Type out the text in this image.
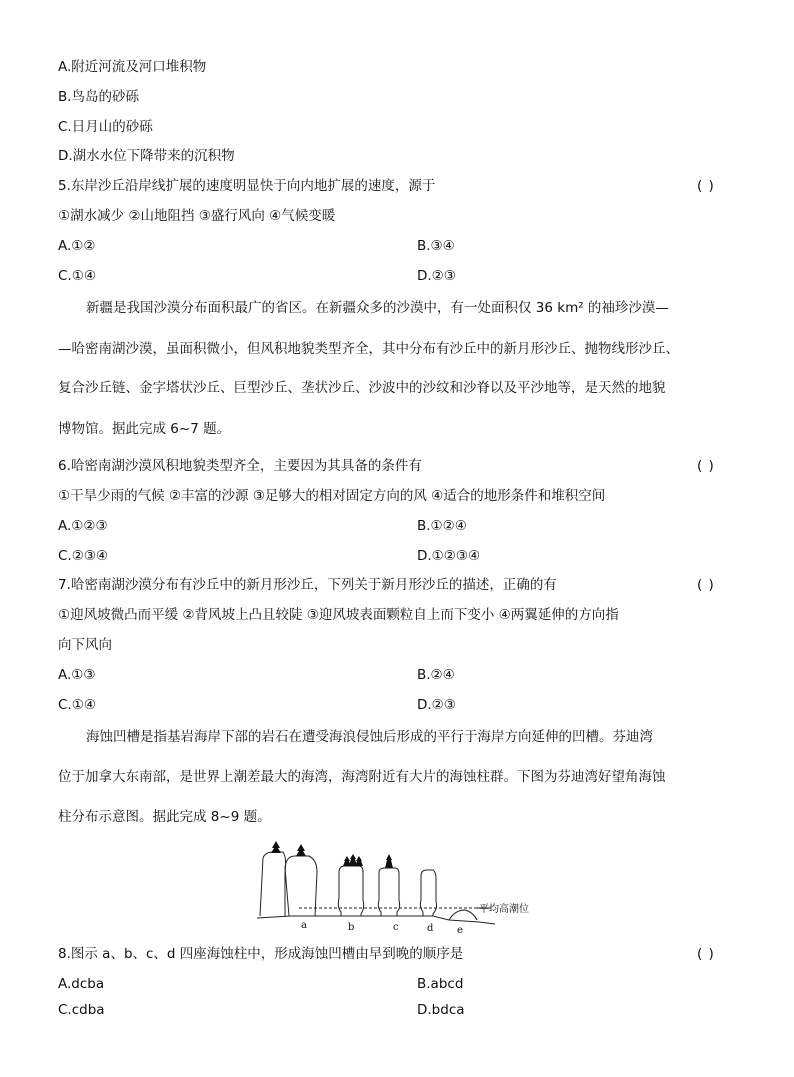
A.附近河流及河口堆积物
B.鸟岛的砂砾
C.日月山的砂砾
D.湖水水位下降带来的沉积物
5.东岸沙丘沿岸线扩展的速度明显快于向内地扩展的速度，源于	( )
①湖水减少 ②山地阻挡 ③盛行风向 ④气候变暖
A.①②	B.③④
C.①④	D.②③
新疆是我国沙漠分布面积最广的省区。在新疆众多的沙漠中，有一处面积仅 36 km² 的袖珍沙漠—
—哈密南湖沙漠，虽面积微小，但风积地貌类型齐全，其中分布有沙丘中的新月形沙丘、抛物线形沙丘、
复合沙丘链、金字塔状沙丘、巨型沙丘、垄状沙丘、沙波中的沙纹和沙脊以及平沙地等，是天然的地貌
博物馆。据此完成 6~7 题。
6.哈密南湖沙漠风积地貌类型齐全，主要因为其具备的条件有	( )
①干旱少雨的气候 ②丰富的沙源 ③足够大的相对固定方向的风 ④适合的地形条件和堆积空间
A.①②③	B.①②④
C.②③④	D.①②③④
7.哈密南湖沙漠分布有沙丘中的新月形沙丘，下列关于新月形沙丘的描述，正确的有	( )
①迎风坡微凸而平缓 ②背风坡上凸且较陡 ③迎风坡表面颗粒自上而下变小 ④两翼延伸的方向指
向下风向
A.①③	B.②④
C.①④	D.②③
海蚀凹槽是指基岩海岸下部的岩石在遭受海浪侵蚀后形成的平行于海岸方向延伸的凹槽。芬迪湾
位于加拿大东南部，是世界上潮差最大的海湾，海湾附近有大片的海蚀柱群。下图为芬迪湾好望角海蚀
柱分布示意图。据此完成 8~9 题。
平均高潮位
a	b	c	d e
8.图示 a、b、c、d 四座海蚀柱中，形成海蚀凹槽由早到晚的顺序是	( )
A.dcba	B.abcd
C.cdba	D.bdca
